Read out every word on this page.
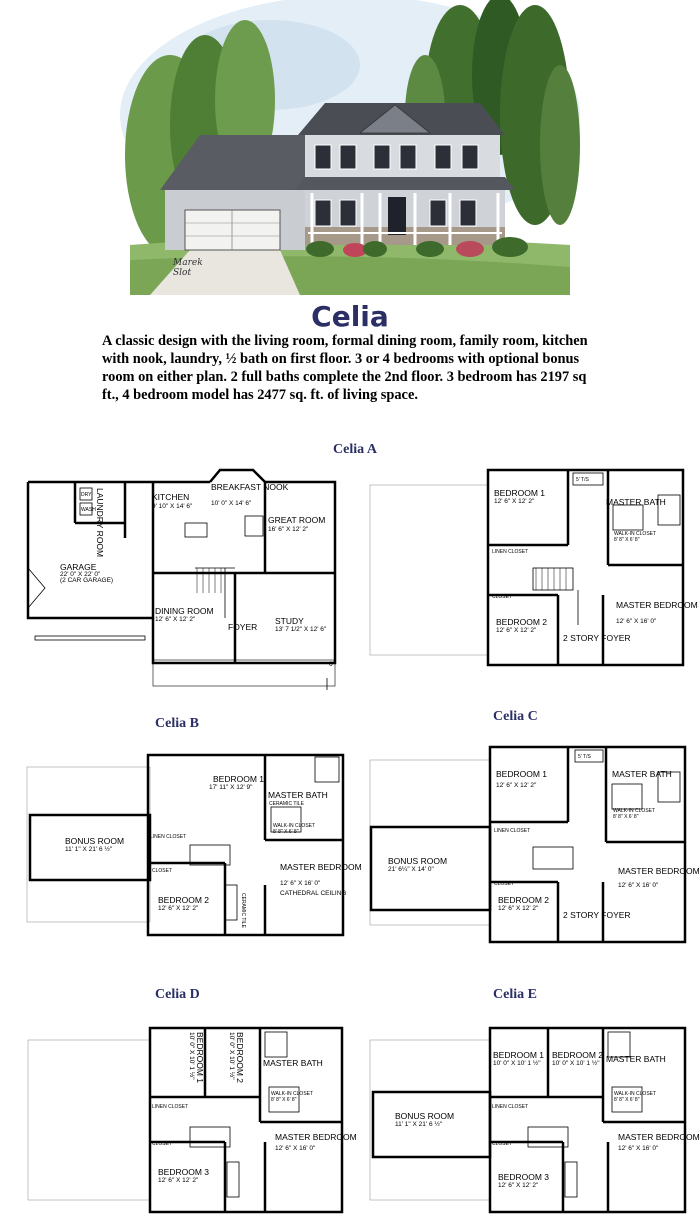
Marek Slot
Celia
A classic design with the living room, formal dining room, family room, kitchen with nook, laundry, ½ bath on first floor. 3 or 4 bedrooms with optional bonus room on either plan. 2 full baths complete the 2nd floor. 3 bedroom has 2197 sq ft., 4 bedroom model has 2477 sq. ft. of living space.
Celia A
Celia B	Celia C
Celia D	Celia E
DRY
WASH LAUNDRY ROOM	KITCHEN
9' 10" X 14' 6"
BREAKFAST NOOK
10' 0" X 14' 6"
GREAT ROOM
16' 6" X 12' 2"
GARAGE
22' 0" X 22' 0"
(2 CAR GARAGE)
DINING ROOM
12' 6" X 12' 2"
FOYER
STUDY
13' 7 1/2" X 12' 6"
6'
5' T/S
BEDROOM 1
12' 6" X 12' 2"	MASTER BATH
WALK-IN CLOSET
8' 8" X 6' 8"
LINEN CLOSET
CLOSET
MASTER BEDROOM
12' 6" X 16' 0"
BEDROOM 2
12' 6" X 12' 2"
2 STORY FOYER
BEDROOM 1
17' 11" X 12' 9"
MASTER BATH
CERAMIC TILE
WALK-IN CLOSET
8' 8" X 6' 8"
BONUS ROOM
11' 1" X 21' 6 ½"
LINEN CLOSET
CLOSET	MASTER BEDROOM
12' 6" X 16' 0"
CATHEDRAL CEILING
BEDROOM 2
12' 6" X 12' 2"	CERAMIC TILE
5' T/S
BEDROOM 1
12' 6" X 12' 2"
MASTER BATH
WALK-IN CLOSET
8' 8" X 6' 8"
LINEN CLOSET
CLOSET
BONUS ROOM
21' 6¼" X 14' 0"	MASTER BEDROOM
12' 6" X 16' 0"
BEDROOM 2
12' 6" X 12' 2"
2 STORY FOYER
BEDROOM 1
10' 0" X 10' 1 ½"	BEDROOM 2
10' 0" X 10' 1 ½"	MASTER BATH
WALK-IN CLOSET
8' 8" X 6' 8"
LINEN CLOSET
CLOSET
MASTER BEDROOM
12' 6" X 16' 0"
BEDROOM 3
12' 6" X 12' 2"
BEDROOM 1
10' 0" X 10' 1 ½"
BEDROOM 2
10' 0" X 10' 1 ½" MASTER BATH
WALK-IN CLOSET
8' 8" X 6' 8"
LINEN CLOSET
CLOSET
BONUS ROOM
11' 1" X 21' 6 ½"
MASTER BEDROOM
12' 6" X 16' 0"
BEDROOM 3
12' 6" X 12' 2"
